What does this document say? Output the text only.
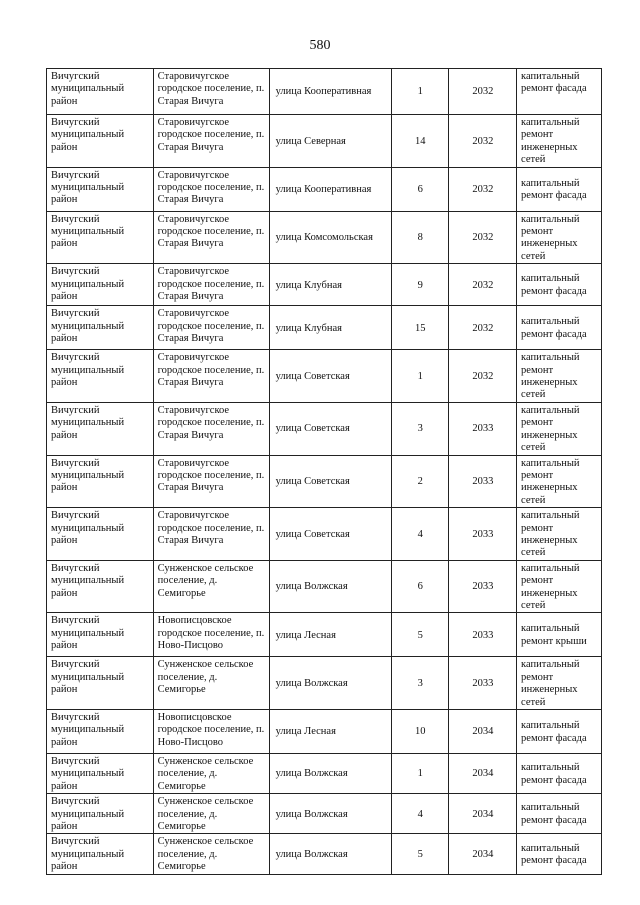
580
Вичугский муниципальный район	Старовичугское городское поселение, п. Старая Вичуга	улица Кооперативная	1	2032	капитальный ремонт фасада
Вичугский муниципальный район	Старовичугское городское поселение, п. Старая Вичуга	улица Северная	14	2032	капитальный ремонт инженерных сетей
Вичугский муниципальный район	Старовичугское городское поселение, п. Старая Вичуга	улица Кооперативная	6	2032	капитальный ремонт фасада
Вичугский муниципальный район	Старовичугское городское поселение, п. Старая Вичуга	улица Комсомольская	8	2032	капитальный ремонт инженерных сетей
Вичугский муниципальный район	Старовичугское городское поселение, п. Старая Вичуга	улица Клубная	9	2032	капитальный ремонт фасада
Вичугский муниципальный район	Старовичугское городское поселение, п. Старая Вичуга	улица Клубная	15	2032	капитальный ремонт фасада
Вичугский муниципальный район	Старовичугское городское поселение, п. Старая Вичуга	улица Советская	1	2032	капитальный ремонт инженерных сетей
Вичугский муниципальный район	Старовичугское городское поселение, п. Старая Вичуга	улица Советская	3	2033	капитальный ремонт инженерных сетей
Вичугский муниципальный район	Старовичугское городское поселение, п. Старая Вичуга	улица Советская	2	2033	капитальный ремонт инженерных сетей
Вичугский муниципальный район	Старовичугское городское поселение, п. Старая Вичуга	улица Советская	4	2033	капитальный ремонт инженерных сетей
Вичугский муниципальный район	Сунженское сельское поселение, д. Семигорье	улица Волжская	6	2033	капитальный ремонт инженерных сетей
Вичугский муниципальный район	Новописцовское городское поселение, п. Ново-Писцово	улица Лесная	5	2033	капитальный ремонт крыши
Вичугский муниципальный район	Сунженское сельское поселение, д. Семигорье	улица Волжская	3	2033	капитальный ремонт инженерных сетей
Вичугский муниципальный район	Новописцовское городское поселение, п. Ново-Писцово	улица Лесная	10	2034	капитальный ремонт фасада
Вичугский муниципальный район	Сунженское сельское поселение, д. Семигорье	улица Волжская	1	2034	капитальный ремонт фасада
Вичугский муниципальный район	Сунженское сельское поселение, д. Семигорье	улица Волжская	4	2034	капитальный ремонт фасада
Вичугский муниципальный район	Сунженское сельское поселение, д. Семигорье	улица Волжская	5	2034	капитальный ремонт фасада
